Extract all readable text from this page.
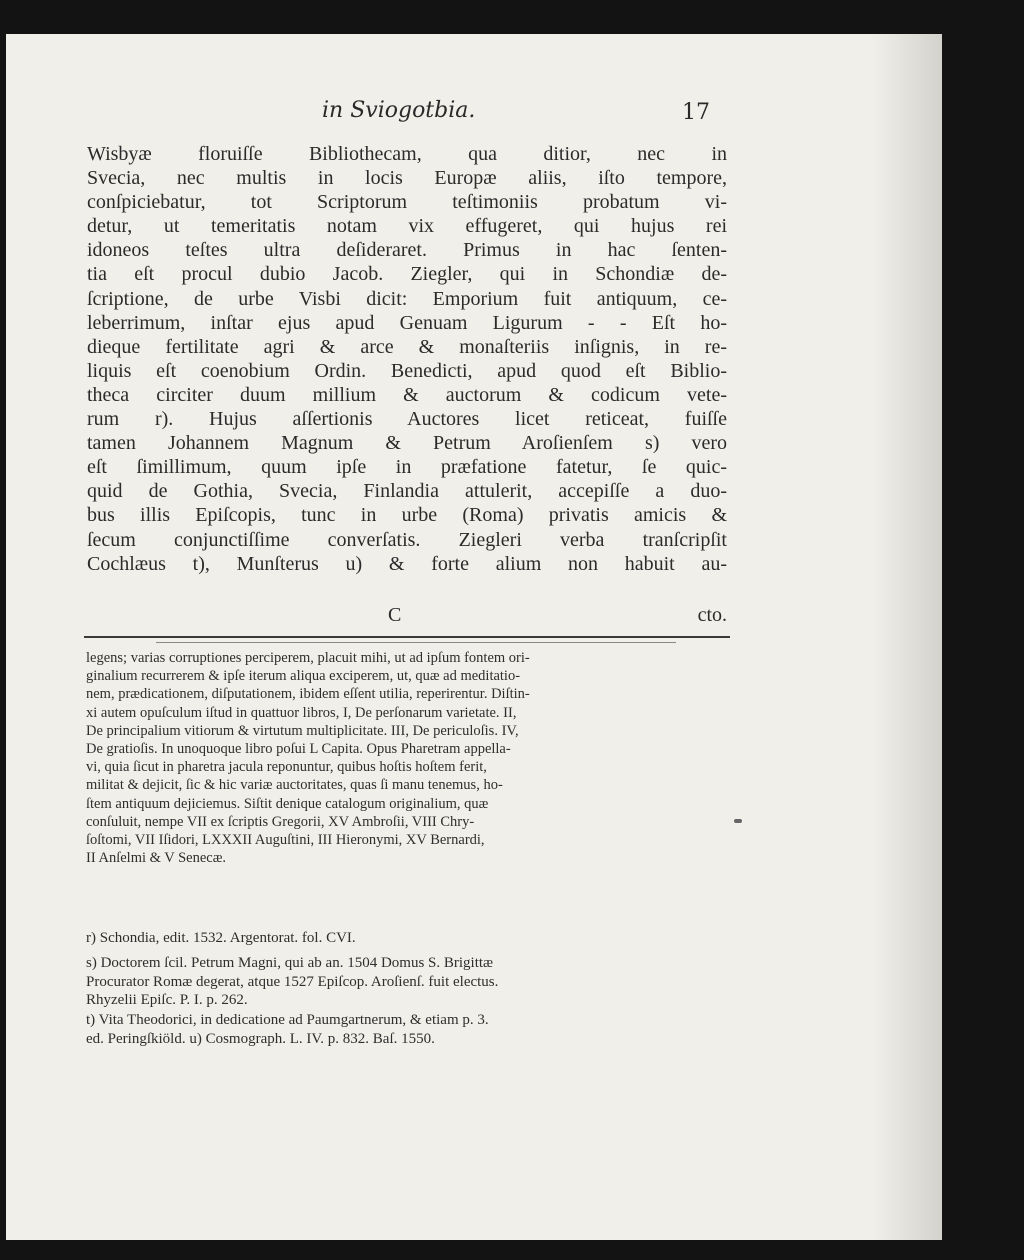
in Sviogotbia.	17
Wisbyæ floruiſſe Bibliothecam, qua ditior, nec in
Svecia, nec multis in locis Europæ aliis, iſto tempore,
conſpiciebatur, tot Scriptorum teſtimoniis probatum vi-
detur, ut temeritatis notam vix effugeret, qui hujus rei
idoneos teſtes ultra deſideraret. Primus in hac ſenten-
tia eſt procul dubio Jacob. Ziegler, qui in Schondiæ de-
ſcriptione, de urbe Visbi dicit: Emporium fuit antiquum, ce-
leberrimum, inſtar ejus apud Genuam Ligurum - - Eſt ho-
dieque fertilitate agri & arce & monaſteriis inſignis, in re-
liquis eſt coenobium Ordin. Benedicti, apud quod eſt Biblio-
theca circiter duum millium & auctorum & codicum vete-
rum r). Hujus aſſertionis Auctores licet reticeat, fuiſſe
tamen Johannem Magnum & Petrum Aroſienſem s) vero
eſt ſimillimum, quum ipſe in præfatione fatetur, ſe quic-
quid de Gothia, Svecia, Finlandia attulerit, accepiſſe a duo-
bus illis Epiſcopis, tunc in urbe (Roma) privatis amicis &
ſecum conjunctiſſime converſatis. Ziegleri verba tranſcripſit
Cochlæus t), Munſterus u) & forte alium non habuit au-
C	cto.
legens; varias corruptiones perciperem, placuit mihi, ut ad ipſum fontem ori-
ginalium recurrerem & ipſe iterum aliqua exciperem, ut, quæ ad meditatio-
nem, prædicationem, diſputationem, ibidem eſſent utilia, reperirentur. Diſtin-
xi autem opuſculum iſtud in quattuor libros, I, De perſonarum varietate. II,
De principalium vitiorum & virtutum multiplicitate. III, De periculoſis. IV,
De gratioſis. In unoquoque libro poſui L Capita. Opus Pharetram appella-
vi, quia ſicut in pharetra jacula reponuntur, quibus hoſtis hoſtem ferit,
militat & dejicit, ſic & hic variæ auctoritates, quas ſi manu tenemus, ho-
ſtem antiquum dejiciemus. Siſtit denique catalogum originalium, quæ
conſuluit, nempe VII ex ſcriptis Gregorii, XV Ambroſii, VIII Chry-
ſoſtomi, VII Iſidori, LXXXII Auguſtini, III Hieronymi, XV Bernardi,
II Anſelmi & V Senecæ.
r) Schondia, edit. 1532. Argentorat. fol. CVI.
s) Doctorem ſcil. Petrum Magni, qui ab an. 1504 Domus S. Brigittæ
Procurator Romæ degerat, atque 1527 Epiſcop. Aroſienſ. fuit electus.
Rhyzelii Epiſc. P. I. p. 262.
t) Vita Theodorici, in dedicatione ad Paumgartnerum, & etiam p. 3.
ed. Peringſkiöld. u) Cosmograph. L. IV. p. 832. Baſ. 1550.
